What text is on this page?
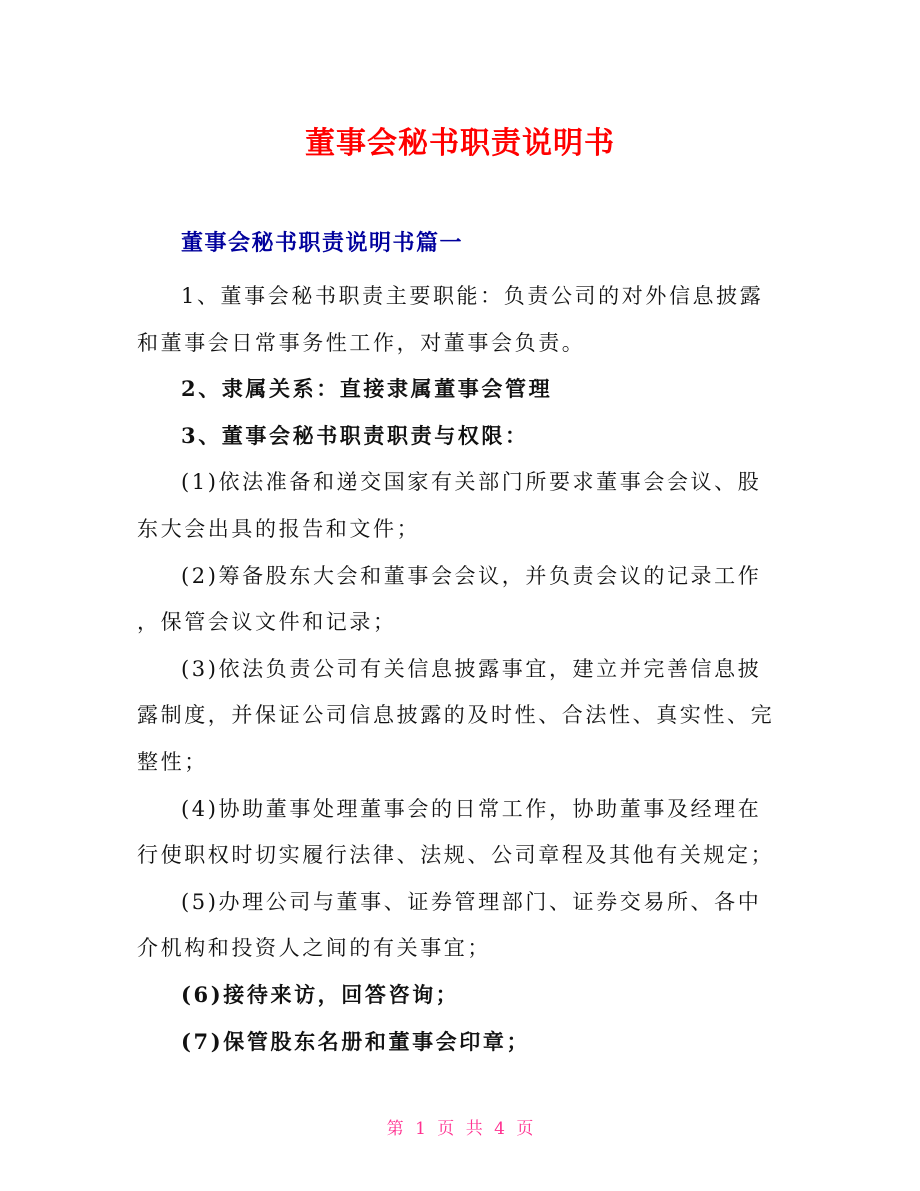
董事会秘书职责说明书
董事会秘书职责说明书篇一
1、董事会秘书职责主要职能：负责公司的对外信息披露
和董事会日常事务性工作，对董事会负责。
2、隶属关系：直接隶属董事会管理
3、董事会秘书职责职责与权限：
(1)依法准备和递交国家有关部门所要求董事会会议、股
东大会出具的报告和文件；
(2)筹备股东大会和董事会会议，并负责会议的记录工作
，保管会议文件和记录；
(3)依法负责公司有关信息披露事宜，建立并完善信息披
露制度，并保证公司信息披露的及时性、合法性、真实性、完
整性；
(4)协助董事处理董事会的日常工作，协助董事及经理在
行使职权时切实履行法律、法规、公司章程及其他有关规定；
(5)办理公司与董事、证券管理部门、证券交易所、各中
介机构和投资人之间的有关事宜；
(6)接待来访，回答咨询；
(7)保管股东名册和董事会印章；
第 1 页 共 4 页
